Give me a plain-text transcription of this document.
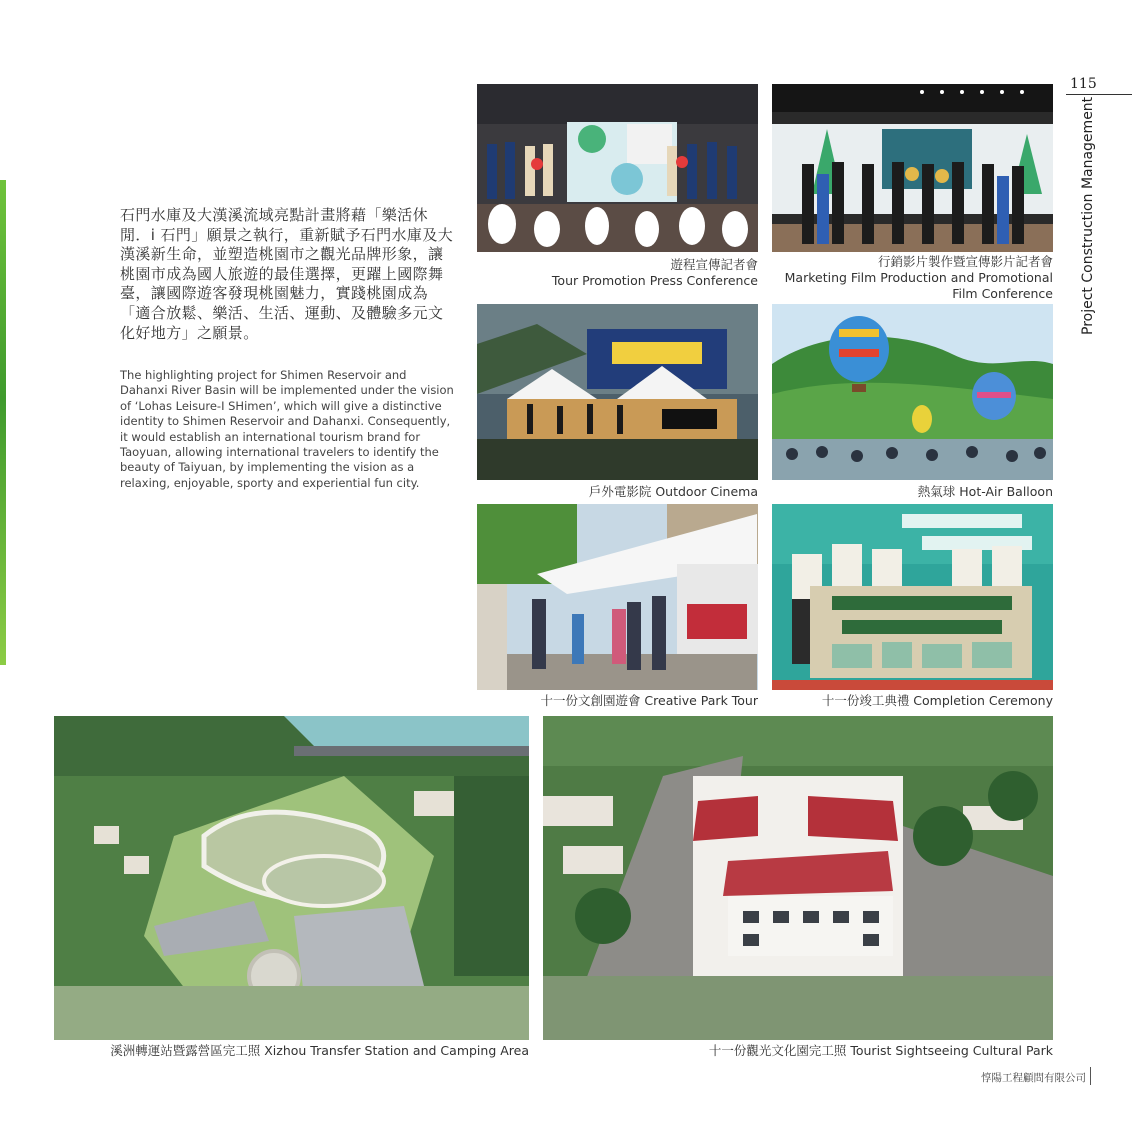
115
Project Construction Management
石門水庫及大漢溪流域亮點計畫將藉「樂活休閒．i 石門」願景之執行，重新賦予石門水庫及大漢溪新生命，並塑造桃園市之觀光品牌形象，讓桃園市成為國人旅遊的最佳選擇，更躍上國際舞臺，讓國際遊客發現桃園魅力，實踐桃園成為「適合放鬆、樂活、生活、運動、及體驗多元文化好地方」之願景。
The highlighting project for Shimen Reservoir and Dahanxi River Basin will be implemented under the vision of ‘Lohas Leisure-I SHimen’, which will give a distinctive identity to Shimen Reservoir and Dahanxi. Consequently, it would establish an international tourism brand for Taoyuan, allowing international travelers to identify the beauty of Taiyuan, by implementing the vision as a relaxing, enjoyable, sporty and experiential fun city.
遊程宣傳記者會
Tour Promotion Press Conference
行銷影片製作暨宣傳影片記者會
Marketing Film Production and Promotional
Film Conference
戶外電影院 Outdoor Cinema	熱氣球 Hot-Air Balloon
十一份文創園遊會 Creative Park Tour	十一份竣工典禮 Completion Ceremony
溪洲轉運站暨露營區完工照 Xizhou Transfer Station and Camping Area	十一份觀光文化園完工照 Tourist Sightseeing Cultural Park
惇陽工程顧問有限公司
